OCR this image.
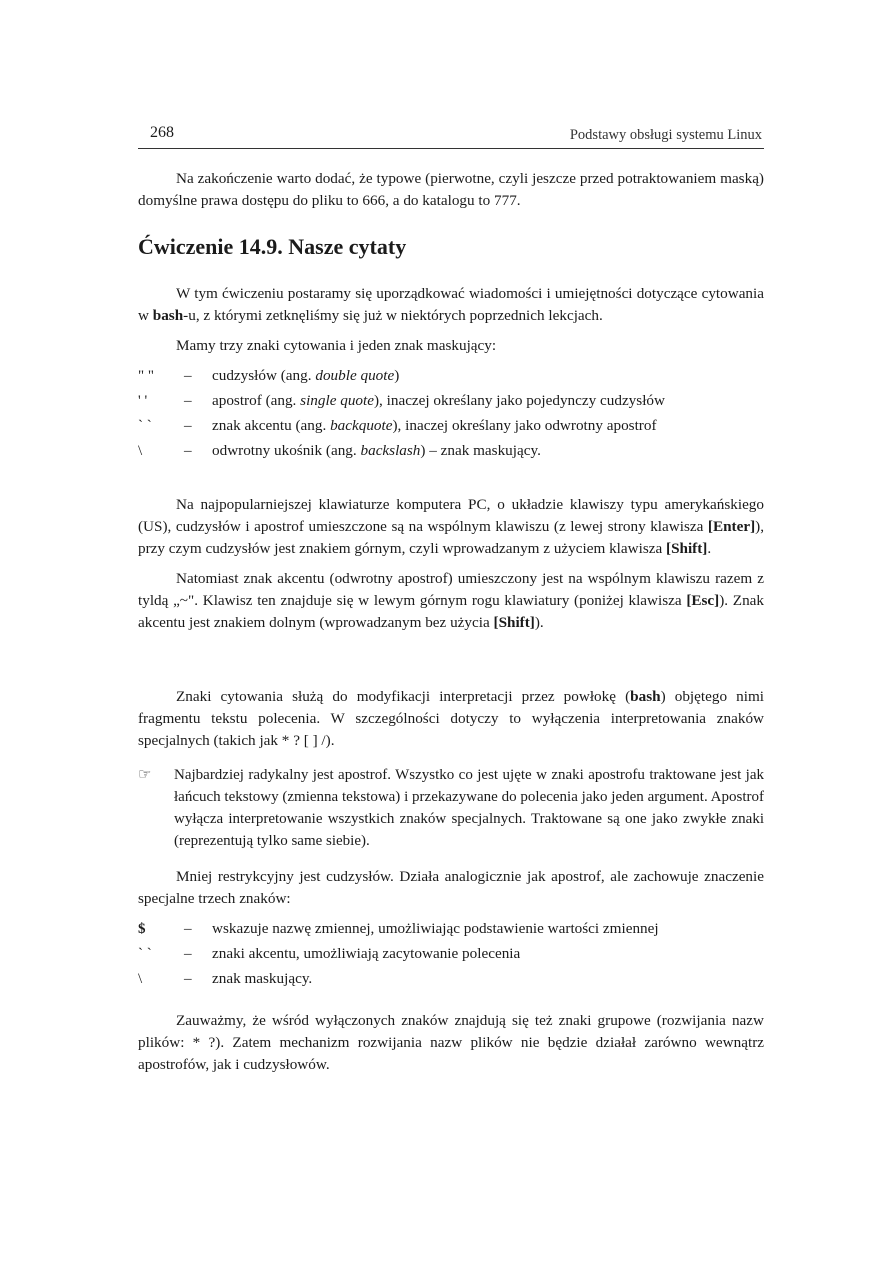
268	Podstawy obsługi systemu Linux

Na zakończenie warto dodać, że typowe (pierwotne, czyli jeszcze przed potraktowaniem maską) domyślne prawa dostępu do pliku to 666, a do katalogu to 777.

Ćwiczenie 14.9. Nasze cytaty

W tym ćwiczeniu postaramy się uporządkować wiadomości i umiejętności dotyczące cytowania w bash-u, z którymi zetknęliśmy się już w niektórych poprzednich lekcjach.

Mamy trzy znaki cytowania i jeden znak maskujący:

" "	–	cudzysłów (ang. double quote)
' '	–	apostrof (ang. single quote), inaczej określany jako pojedynczy cudzysłów
` `	–	znak akcentu (ang. backquote), inaczej określany jako odwrotny apostrof
\	–	odwrotny ukośnik (ang. backslash) – znak maskujący.

Na najpopularniejszej klawiaturze komputera PC, o układzie klawiszy typu amerykańskiego (US), cudzysłów i apostrof umieszczone są na wspólnym klawiszu (z lewej strony klawisza [Enter]), przy czym cudzysłów jest znakiem górnym, czyli wprowadzanym z użyciem klawisza [Shift].

Natomiast znak akcentu (odwrotny apostrof) umieszczony jest na wspólnym klawiszu razem z tyldą „~". Klawisz ten znajduje się w lewym górnym rogu klawiatury (poniżej klawisza [Esc]). Znak akcentu jest znakiem dolnym (wprowadzanym bez użycia [Shift]).

Znaki cytowania służą do modyfikacji interpretacji przez powłokę (bash) objętego nimi fragmentu tekstu polecenia. W szczególności dotyczy to wyłączenia interpretowania znaków specjalnych (takich jak * ? [ ] /).

☞ Najbardziej radykalny jest apostrof. Wszystko co jest ujęte w znaki apostrofu traktowane jest jak łańcuch tekstowy (zmienna tekstowa) i przekazywane do polecenia jako jeden argument. Apostrof wyłącza interpretowanie wszystkich znaków specjalnych. Traktowane są one jako zwykłe znaki (reprezentują tylko same siebie).

Mniej restrykcyjny jest cudzysłów. Działa analogicznie jak apostrof, ale zachowuje znaczenie specjalne trzech znaków:

$	–	wskazuje nazwę zmiennej, umożliwiając podstawienie wartości zmiennej
` `	–	znaki akcentu, umożliwiają zacytowanie polecenia
\	–	znak maskujący.

Zauważmy, że wśród wyłączonych znaków znajdują się też znaki grupowe (rozwijania nazw plików: * ?). Zatem mechanizm rozwijania nazw plików nie będzie działał zarówno wewnątrz apostrofów, jak i cudzysłowów.
